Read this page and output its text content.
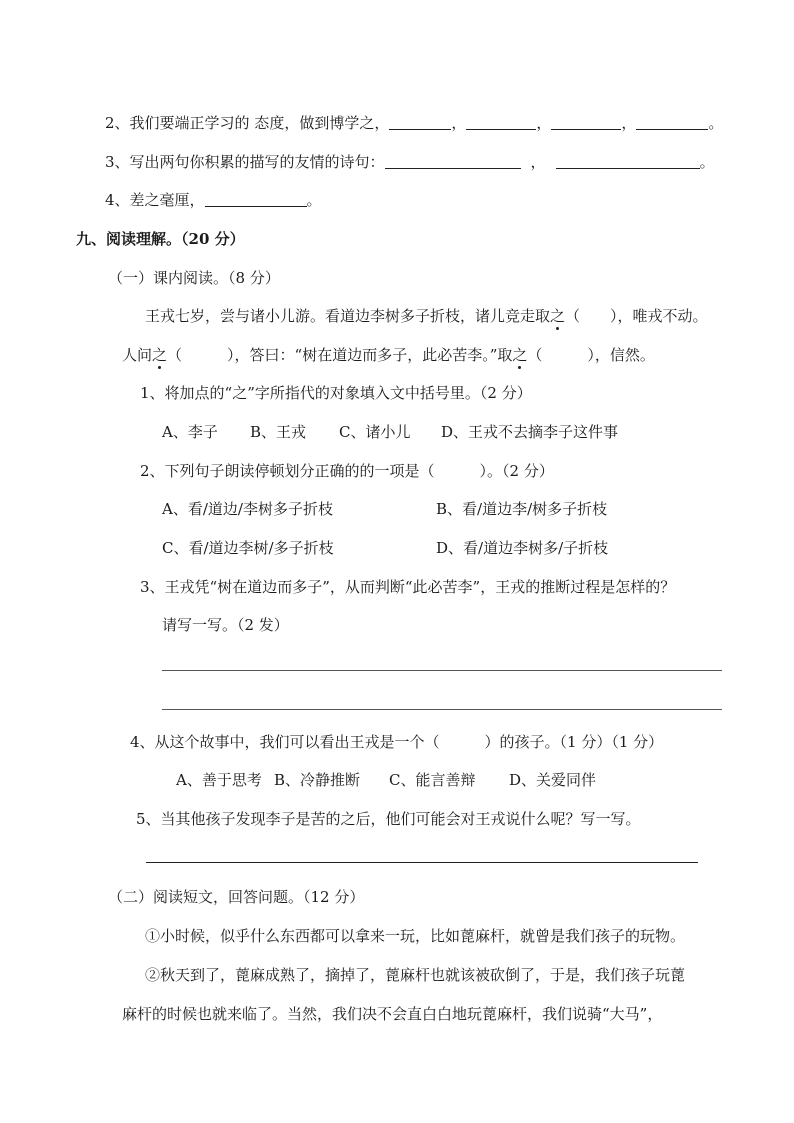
2、我们要端正学习的 态度，做到博学之，	，	，	，	。
3、写出两句你积累的描写的友情的诗句：	，	。
4、差之毫厘，	。
九、阅读理解。（20 分）
（一）课内阅读。（8 分）
王戎七岁，尝与诸小儿游。看道边李树多子折枝，诸儿竞走取之（　　），唯戎不动。
人问之（　　　），答曰：“树在道边而多子，此必苦李。”取之（　　　），信然。
1、将加点的“之”字所指代的对象填入文中括号里。（2 分）
A、李子 B、王戎 C、诸小儿 D、王戎不去摘李子这件事
2、下列句子朗读停顿划分正确的的一项是（　　　）。（2 分）
A、看/道边/李树多子折枝	B、看/道边李/树多子折枝
C、看/道边李树/多子折枝	D、看/道边李树多/子折枝
3、王戎凭“树在道边而多子”，从而判断“此必苦李”，王戎的推断过程是怎样的？
请写一写。（2 发）
4、从这个故事中，我们可以看出王戎是一个（　　　）的孩子。（1 分）（1 分）
A、善于思考 B、冷静推断 C、能言善辩 D、关爱同伴
5、当其他孩子发现李子是苦的之后，他们可能会对王戎说什么呢？写一写。
（二）阅读短文，回答问题。（12 分）
①小时候，似乎什么东西都可以拿来一玩，比如蓖麻杆，就曾是我们孩子的玩物。
②秋天到了，蓖麻成熟了，摘掉了，蓖麻杆也就该被砍倒了，于是，我们孩子玩蓖
麻杆的时候也就来临了。当然，我们决不会直白白地玩蓖麻杆，我们说骑“大马”，
